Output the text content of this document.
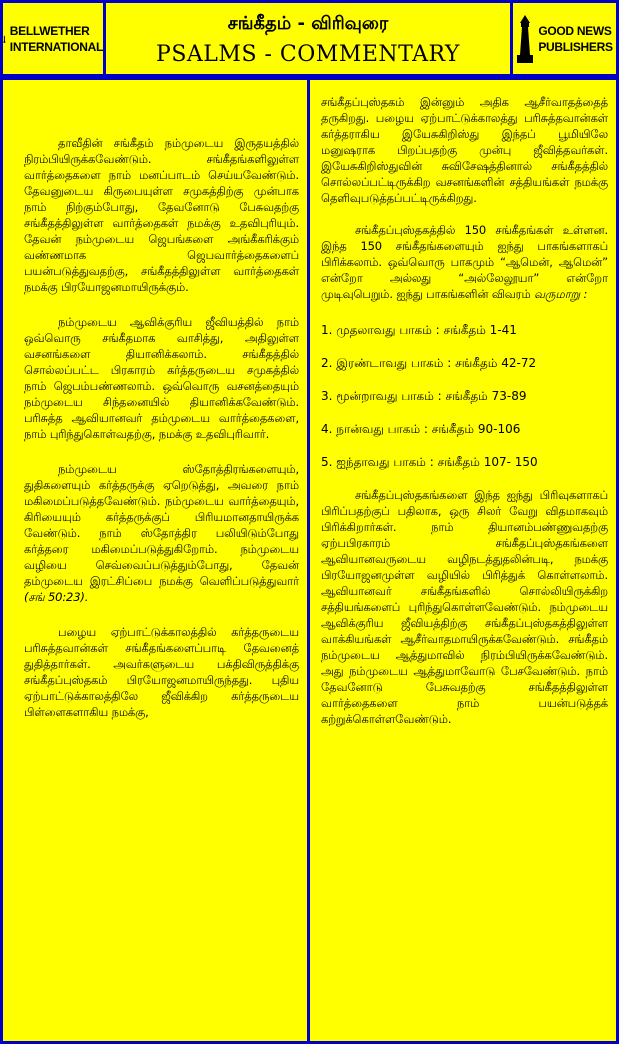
BELLWETHER
INTERNATIONAL
சங்கீதம் - விரிவுரை
PSALMS - COMMENTARY
GOOD NEWS
PUBLISHERS

தாவீதின் சங்கீதம் நம்முடைய இருதயத்தில் நிரம்பியிருக்கவேண்டும். சங்கீதங்களிலுள்ள வார்த்தைகளை நாம் மனப்பாடம் செய்யவேண்டும். தேவனுடைய கிருபையுள்ள சமுகத்திற்கு முன்பாக நாம் நிற்கும்போது, தேவனோடு பேசுவதற்கு சங்கீதத்திலுள்ள வார்த்தைகள் நமக்கு உதவிபுரியும். தேவன் நம்முடைய ஜெபங்களை அங்கீகரிக்கும் வண்ணமாக ஜெபவார்த்தைகளைப் பயன்படுத்துவதற்கு, சங்கீதத்திலுள்ள வார்த்தைகள் நமக்கு பிரயோஜனமாயிருக்கும்.

நம்முடைய ஆவிக்குரிய ஜீவியத்தில் நாம் ஒவ்வொரு சங்கீதமாக வாசித்து, அதிலுள்ள வசனங்களை தியானிக்கலாம். சங்கீதத்தில் சொல்லப்பட்ட பிரகாரம் கர்த்தருடைய சமுகத்தில் நாம் ஜெபம்பண்ணலாம். ஒவ்வொரு வசனத்தையும் நம்முடைய சிந்தனையில் தியானிக்கவேண்டும். பரிசுத்த ஆவியானவர் தம்முடைய வார்த்தைகளை, நாம் புரிந்துகொள்வதற்கு, நமக்கு உதவிபுரிவார்.

நம்முடைய ஸ்தோத்திரங்களையும், துதிகளையும் கர்த்தருக்கு ஏறெடுத்து, அவரை நாம் மகிமைப்படுத்தவேண்டும். நம்முடைய வார்த்தையும், கிரியையும் கர்த்தருக்குப் பிரியமானதாயிருக்க வேண்டும். நாம் ஸ்தோத்திர பலியிடும்போது கர்த்தரை மகிமைப்படுத்துகிறோம். நம்முடைய வழியை செவ்வைப்படுத்தும்போது, தேவன் தம்முடைய இரட்சிப்பை நமக்கு வெளிப்படுத்துவார் (சங் 50:23).

பழைய ஏற்பாட்டுக்காலத்தில் கர்த்தருடைய பரிசுத்தவான்கள் சங்கீதங்களைப்பாடி தேவனைத் துதித்தார்கள். அவர்களுடைய பக்திவிருத்திக்கு சங்கீதப்புஸ்தகம் பிரயோஜனமாயிருந்தது. புதிய ஏற்பாட்டுக்காலத்திலே ஜீவிக்கிற கர்த்தருடைய பிள்ளைகளாகிய நமக்கு,

சங்கீதப்புஸ்தகம் இன்னும் அதிக ஆசீர்வாதத்தைத் தருகிறது. பழைய ஏற்பாட்டுக்காலத்து பரிசுத்தவான்கள் கர்த்தராகிய இயேசுகிறிஸ்து இந்தப் பூமியிலே மனுஷராக பிறப்பதற்கு முன்பு ஜீவித்தவர்கள். இயேசுகிறிஸ்துவின் சுவிசேஷத்தினால் சங்கீதத்தில் சொல்லப்பட்டிருக்கிற வசனங்களின் சத்தியங்கள் நமக்கு தெளிவுபடுத்தப்பட்டிருக்கிறது.

சங்கீதப்புஸ்தகத்தில் 150 சங்கீதங்கள் உள்ளன. இந்த 150 சங்கீதங்களையும் ஐந்து பாகங்களாகப் பிரிக்கலாம். ஒவ்வொரு பாகமும் “ஆமென், ஆமென்” என்றோ அல்லது “அல்லேலூயா” என்றோ முடிவுபெறும். ஐந்து பாகங்களின் விவரம் வருமாறு :

1. முதலாவது பாகம் : சங்கீதம் 1-41

2. இரண்டாவது பாகம் : சங்கீதம் 42-72

3. மூன்றாவது பாகம் : சங்கீதம் 73-89

4. நான்வது பாகம் : சங்கீதம் 90-106

5. ஐந்தாவது பாகம் : சங்கீதம் 107- 150

சங்கீதப்புஸ்தகங்களை இந்த ஐந்து பிரிவுகளாகப் பிரிப்பதற்குப் பதிலாக, ஒரு சிலர் வேறு விதமாகவும் பிரிக்கிறார்கள். நாம் தியானம்பண்ணுவதற்கு ஏற்பபிரகாரம் சங்கீதப்புஸ்தகங்களை ஆவியானவருடைய வழிநடத்துதலின்படி, நமக்கு பிரயோஜனமுள்ள வழியில் பிரித்துக் கொள்ளலாம். ஆவியானவர் சங்கீதங்களில் சொல்லியிருக்கிற சத்தியங்களைப் புரிந்துகொள்ளவேண்டும். நம்முடைய ஆவிக்குரிய ஜீவியத்திற்கு சங்கீதப்புஸ்தகத்திலுள்ள வாக்கியங்கள் ஆசீர்வாதமாயிருக்கவேண்டும். சங்கீதம் நம்முடைய ஆத்துமாவில் நிரம்பியிருக்கவேண்டும். அது நம்முடைய ஆத்துமாவோடு பேசவேண்டும். நாம் தேவனோடு பேசுவதற்கு சங்கீதத்திலுள்ள வார்த்தைகளை நாம் பயன்படுத்தக் கற்றுக்கொள்ளவேண்டும்.
